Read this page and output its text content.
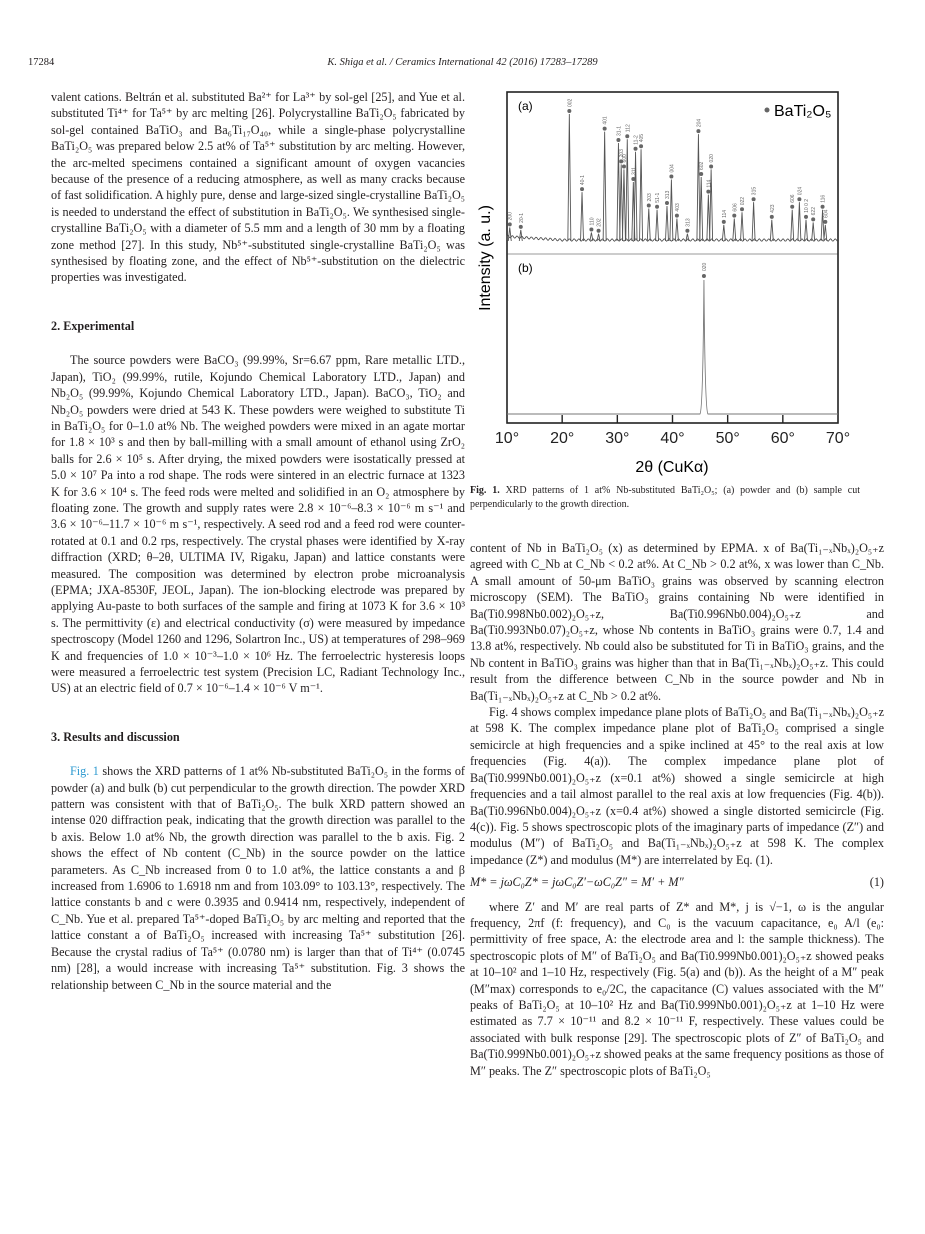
17284	K. Shiga et al. / Ceramics International 42 (2016) 17283–17289

valent cations. Beltrán et al. substituted Ba²⁺ for La³⁺ by sol-gel [25], and Yue et al. substituted Ti⁴⁺ for Ta⁵⁺ by arc melting [26]. Polycrystalline BaTi₂O₅ fabricated by sol-gel contained BaTiO₃ and Ba₆Ti₁₇O₄₀, while a single-phase polycrystalline BaTi₂O₅ was prepared below 2.5 at% of Ta⁵⁺ substitution by arc melting. However, the arc-melted specimens contained a significant amount of oxygen vacancies because of the presence of a reducing atmosphere, as well as many cracks because of fast solidification. A highly pure, dense and large-sized single-crystalline BaTi₂O₅ is needed to understand the effect of substitution in BaTi₂O₅. We synthesised single-crystalline BaTi₂O₅ with a diameter of 5.5 mm and a length of 30 mm by a floating zone method [27]. In this study, Nb⁵⁺-substituted single-crystalline BaTi₂O₅ was synthesised by floating zone, and the effect of Nb⁵⁺-substitution on the dielectric properties was investigated.

2. Experimental

The source powders were BaCO₃ (99.99%, Sr=6.67 ppm, Rare metallic LTD., Japan), TiO₂ (99.99%, rutile, Kojundo Chemical Laboratory LTD., Japan) and Nb₂O₅ (99.99%, Kojundo Chemical Laboratory LTD., Japan). BaCO₃, TiO₂ and Nb₂O₅ powders were dried at 543 K. These powders were weighed to substitute Ti in BaTi₂O₅ for 0–1.0 at% Nb. The weighed powders were mixed in an agate mortar for 1.8 × 10³ s and then by ball-milling with a small amount of ethanol using ZrO₂ balls for 2.6 × 10⁵ s. After drying, the mixed powders were isostatically pressed at 5.0 × 10⁷ Pa into a rod shape. The rods were sintered in an electric furnace at 1323 K for 3.6 × 10⁴ s. The feed rods were melted and solidified in an O₂ atmosphere by floating zone. The growth and supply rates were 2.8 × 10⁻⁶–8.3 × 10⁻⁶ m s⁻¹ and 3.6 × 10⁻⁶–11.7 × 10⁻⁶ m s⁻¹, respectively. A seed rod and a feed rod were counter-rotated at 0.1 and 0.2 rps, respectively. The crystal phases were identified by X-ray diffraction (XRD; θ–2θ, ULTIMA IV, Rigaku, Japan) and lattice constants were measured. The composition was determined by electron probe microanalysis (EPMA; JXA-8530F, JEOL, Japan). The ion-blocking electrode was prepared by applying Au-paste to both surfaces of the sample and firing at 1073 K for 3.6 × 10³ s. The permittivity (ε) and electrical conductivity (σ) were measured by impedance spectroscopy (Model 1260 and 1296, Solartron Inc., US) at temperatures of 298–969 K and frequencies of 1.0 × 10⁻³–1.0 × 10⁶ Hz. The ferroelectric hysteresis loops were measured a ferroelectric test system (Precision LC, Radiant Technology Inc., US) at an electric field of 0.7 × 10⁻⁶–1.4 × 10⁻⁶ V m⁻¹.

3. Results and discussion

Fig. 1 shows the XRD patterns of 1 at% Nb-substituted BaTi₂O₅ in the forms of powder (a) and bulk (b) cut perpendicular to the growth direction. The powder XRD pattern was consistent with that of BaTi₂O₅. The bulk XRD pattern showed an intense 020 diffraction peak, indicating that the growth direction was parallel to the b axis. Below 1.0 at% Nb, the growth direction was parallel to the b axis. Fig. 2 shows the effect of Nb content (C_Nb) in the source powder on the lattice parameters. As C_Nb increased from 0 to 1.0 at%, the lattice constants a and β increased from 1.6906 to 1.6918 nm and from 103.09° to 103.13°, respectively. The lattice constants b and c were 0.3935 and 0.9414 nm, respectively, independent of C_Nb. Yue et al. prepared Ta⁵⁺-doped BaTi₂O₅ by arc melting and reported that the lattice constant a of BaTi₂O₅ increased with increasing Ta⁵⁺ substitution [26]. Because the crystal radius of Ta⁵⁺ (0.0780 nm) is larger than that of Ti⁴⁺ (0.0745 nm) [28], a would increase with increasing Ta⁵⁺ substitution. Fig. 3 shows the relationship between C_Nb in the source material and the

200 20-1
002
40-1
110 202
401
31-1
203
600
112
311
11-2 405
203 51-1 313
004
403
313
204
602
114
020
114
606
022
315
423
606
024
10 0 2 622
116
604
020
10° 20° 30° 40° 50° 60° 70°
(a)
(b)
BaTi₂O₅
Intensity (a. u.)
2θ (CuKα)
Fig. 1. XRD patterns of 1 at% Nb-substituted BaTi₂O₅; (a) powder and (b) sample cut perpendicularly to the growth direction.

content of Nb in BaTi₂O₅ (x) as determined by EPMA. x of Ba(Ti₁₋ₓNbₓ)₂O₅₊z agreed with C_Nb at C_Nb < 0.2 at%. At C_Nb > 0.2 at%, x was lower than C_Nb. A small amount of 50-μm BaTiO₃ grains was observed by scanning electron microscopy (SEM). The BaTiO₃ grains containing Nb were identified in Ba(Ti0.998Nb0.002)₂O₅₊z, Ba(Ti0.996Nb0.004)₂O₅₊z and Ba(Ti0.993Nb0.07)₂O₅₊z, whose Nb contents in BaTiO₃ grains were 0.7, 1.4 and 13.8 at%, respectively. Nb could also be substituted for Ti in BaTiO₃ grains, and the Nb content in BaTiO₃ grains was higher than that in Ba(Ti₁₋ₓNbₓ)₂O₅₊z. This could result from the difference between C_Nb in the source powder and Nb in Ba(Ti₁₋ₓNbₓ)₂O₅₊z at C_Nb > 0.2 at%.

Fig. 4 shows complex impedance plane plots of BaTi₂O₅ and Ba(Ti₁₋ₓNbₓ)₂O₅₊z at 598 K. The complex impedance plane plot of BaTi₂O₅ comprised a single semicircle at high frequencies and a spike inclined at 45° to the real axis at low frequencies (Fig. 4(a)). The complex impedance plane plot of Ba(Ti0.999Nb0.001)₂O₅₊z (x=0.1 at%) showed a single semicircle at high frequencies and a tail almost parallel to the real axis at low frequencies (Fig. 4(b)). Ba(Ti0.996Nb0.004)₂O₅₊z (x=0.4 at%) showed a single distorted semicircle (Fig. 4(c)). Fig. 5 shows spectroscopic plots of the imaginary parts of impedance (Z″) and modulus (M″) of BaTi₂O₅ and Ba(Ti₁₋ₓNbₓ)₂O₅₊z at 598 K. The complex impedance (Z*) and modulus (M*) are interrelated by Eq. (1).

M* = jωC₀Z* = jωC₀Z′−ωC₀Z″ = M′ + M″	(1)

where Z′ and M′ are real parts of Z* and M*, j is √−1, ω is the angular frequency, 2πf (f: frequency), and C₀ is the vacuum capacitance, e₀ A/l (e₀: permittivity of free space, A: the electrode area and l: the sample thickness). The spectroscopic plots of M″ of BaTi₂O₅ and Ba(Ti0.999Nb0.001)₂O₅₊z showed peaks at 10–10² and 1–10 Hz, respectively (Fig. 5(a) and (b)). As the height of a M″ peak (M″max) corresponds to e₀/2C, the capacitance (C) values associated with the M″ peaks of BaTi₂O₅ at 10–10² Hz and Ba(Ti0.999Nb0.001)₂O₅₊z at 1–10 Hz were estimated as 7.7 × 10⁻¹¹ and 8.2 × 10⁻¹¹ F, respectively. These values could be associated with bulk response [29]. The spectroscopic plots of Z″ of BaTi₂O₅ and Ba(Ti0.999Nb0.001)₂O₅₊z showed peaks at the same frequency positions as those of M″ peaks. The Z″ spectroscopic plots of BaTi₂O₅
